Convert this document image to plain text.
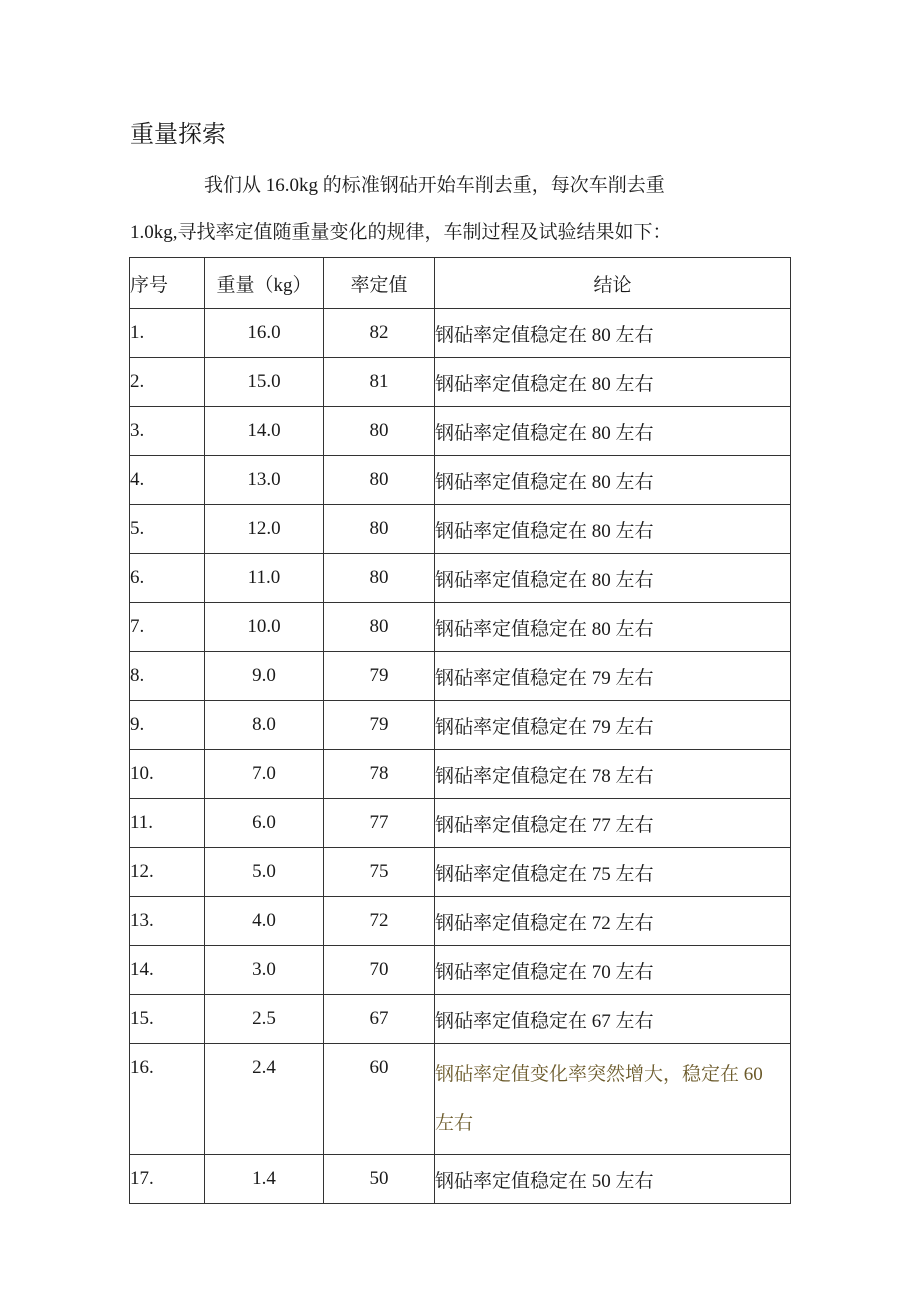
重量探索

我们从 16.0kg 的标准钢砧开始车削去重，每次车削去重

1.0kg,寻找率定值随重量变化的规律，车制过程及试验结果如下：

序号	重量（kg）	率定值	结论
1.	16.0	82	钢砧率定值稳定在 80 左右
2.	15.0	81	钢砧率定值稳定在 80 左右
3.	14.0	80	钢砧率定值稳定在 80 左右
4.	13.0	80	钢砧率定值稳定在 80 左右
5.	12.0	80	钢砧率定值稳定在 80 左右
6.	11.0	80	钢砧率定值稳定在 80 左右
7.	10.0	80	钢砧率定值稳定在 80 左右
8.	9.0	79	钢砧率定值稳定在 79 左右
9.	8.0	79	钢砧率定值稳定在 79 左右
10.	7.0	78	钢砧率定值稳定在 78 左右
11.	6.0	77	钢砧率定值稳定在 77 左右
12.	5.0	75	钢砧率定值稳定在 75 左右
13.	4.0	72	钢砧率定值稳定在 72 左右
14.	3.0	70	钢砧率定值稳定在 70 左右
15.	2.5	67	钢砧率定值稳定在 67 左右
16.	2.4	60	钢砧率定值变化率突然增大，稳定在 60 左右
17.	1.4	50	钢砧率定值稳定在 50 左右
